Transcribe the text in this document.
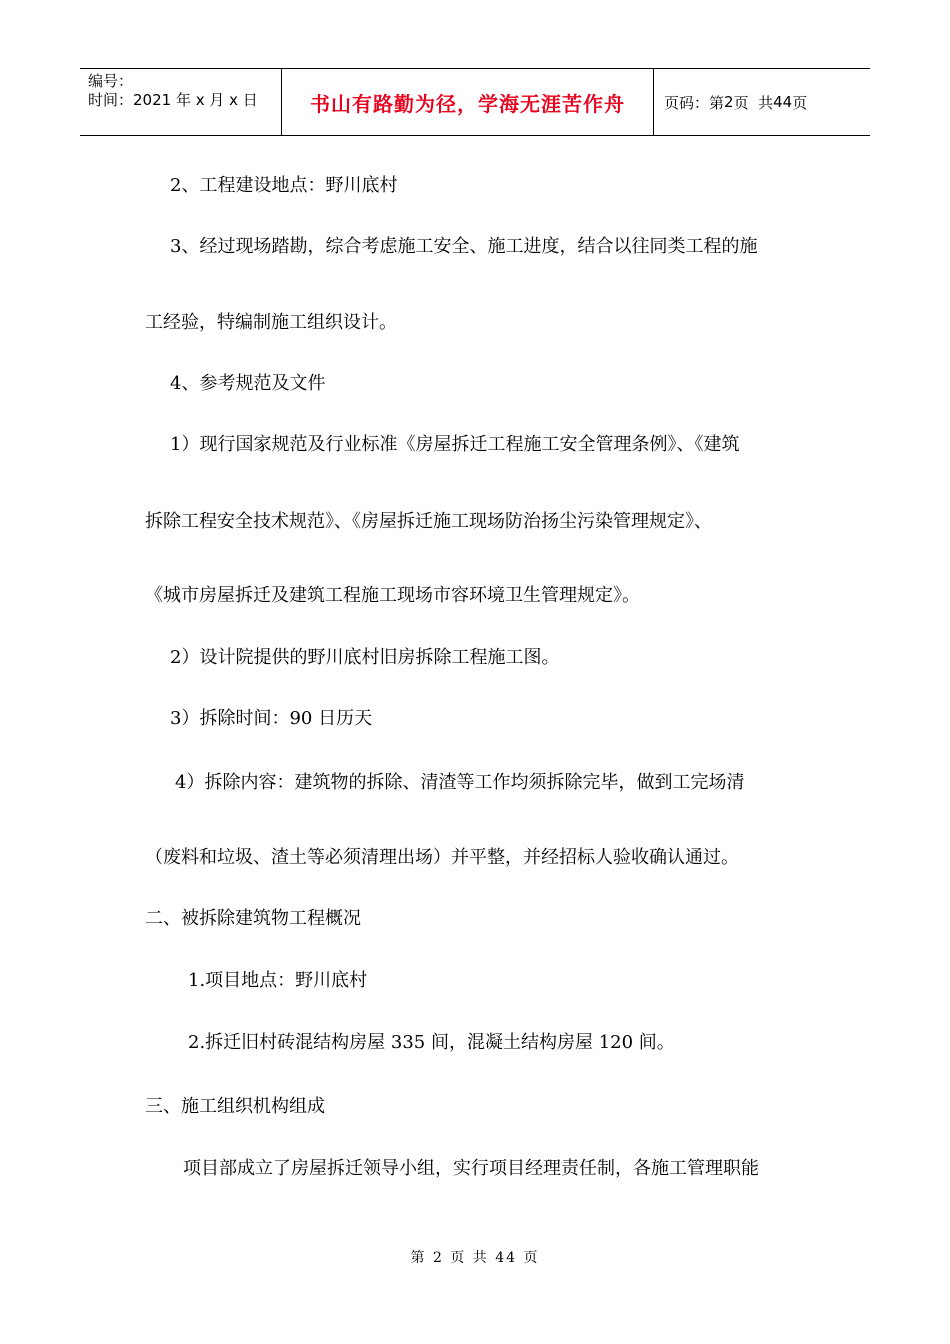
编号：
时间：2021 年 x 月 x 日	书山有路勤为径，学海无涯苦作舟	页码：第 2 页  共 44 页
2、工程建设地点：野川底村
3、经过现场踏勘，综合考虑施工安全、施工进度，结合以往同类工程的施
工经验，特编制施工组织设计。
4、参考规范及文件
1）现行国家规范及行业标准《房屋拆迁工程施工安全管理条例》、《建筑
拆除工程安全技术规范》、《房屋拆迁施工现场防治扬尘污染管理规定》、
《城市房屋拆迁及建筑工程施工现场市容环境卫生管理规定》。
2）设计院提供的野川底村旧房拆除工程施工图。
3）拆除时间：90 日历天
4）拆除内容：建筑物的拆除、清渣等工作均须拆除完毕，做到工完场清
（废料和垃圾、渣土等必须清理出场）并平整，并经招标人验收确认通过。
二、被拆除建筑物工程概况
1.项目地点：野川底村
2.拆迁旧村砖混结构房屋 335 间，混凝土结构房屋 120 间。
三、施工组织机构组成
项目部成立了房屋拆迁领导小组，实行项目经理责任制，各施工管理职能
第 2 页 共 44 页
